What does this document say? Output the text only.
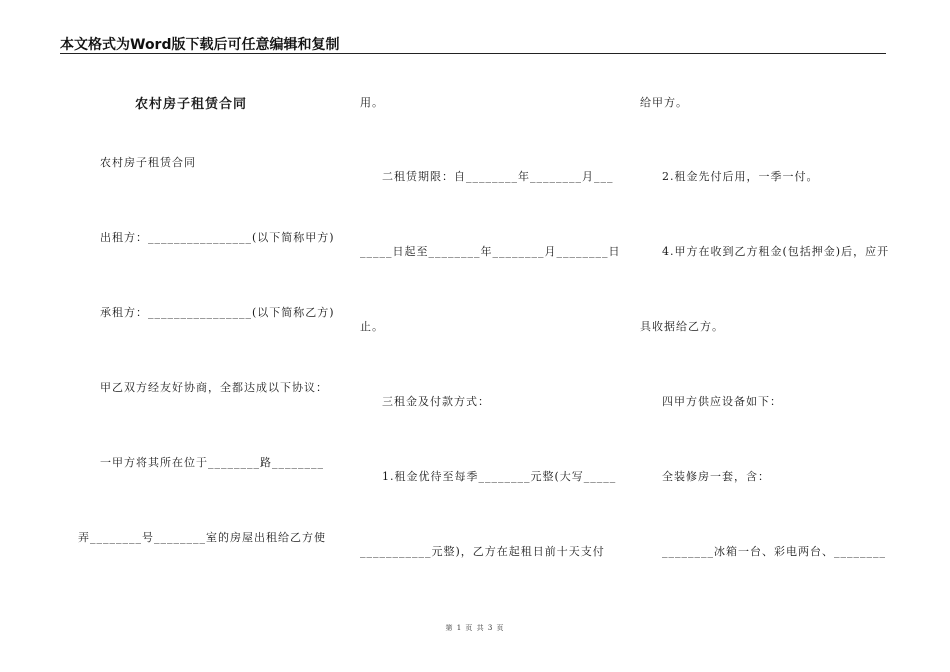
本文格式为Word版下载后可任意编辑和复制
农村房子租赁合同
农村房子租赁合同
出租方：________________(以下简称甲方)
承租方：________________(以下简称乙方)
甲乙双方经友好协商，全都达成以下协议：
一甲方将其所在位于________路________
弄________号________室的房屋出租给乙方使
用。
二租赁期限：自________年________月___
_____日起至________年________月________日
止。
三租金及付款方式：
1.租金优待至每季________元整(大写_____
___________元整)，乙方在起租日前十天支付
给甲方。
2.租金先付后用，一季一付。
4.甲方在收到乙方租金(包括押金)后，应开
具收据给乙方。
四甲方供应设备如下：
全装修房一套，含：
________冰箱一台、彩电两台、________
第 1 页 共 3 页
